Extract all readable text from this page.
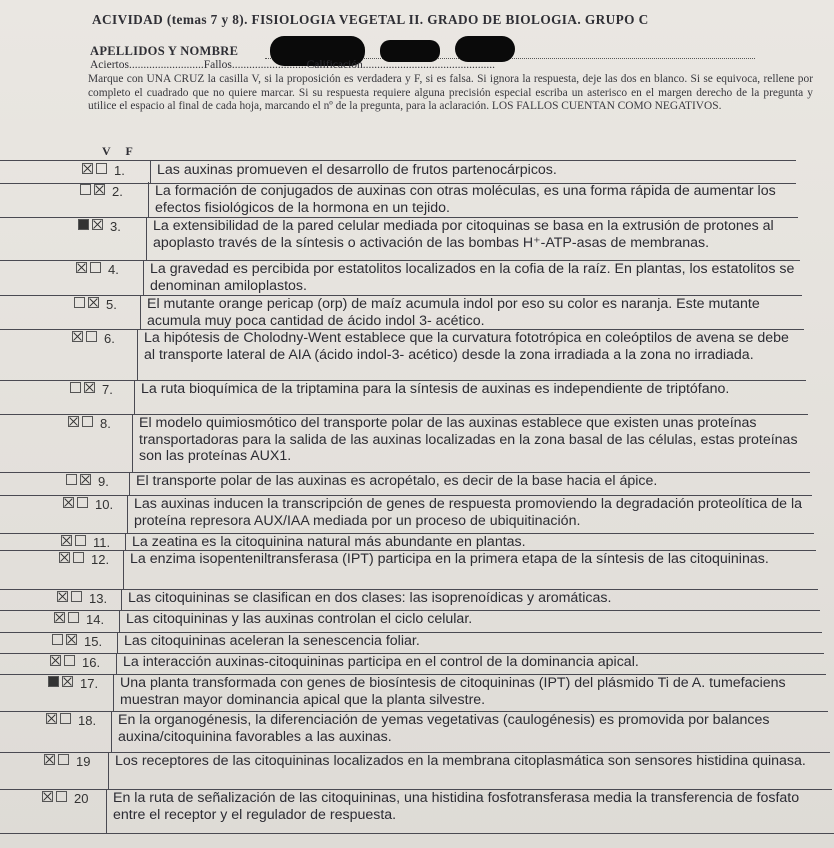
ACIVIDAD (temas 7 y 8). FISIOLOGIA VEGETAL II. GRADO DE BIOLOGIA. GRUPO C
APELLIDOS Y NOMBRE
Aciertos..........................Fallos..........................Calificación..............................................
Marque con UNA CRUZ la casilla V, si la proposición es verdadera y F, si es falsa. Si ignora la respuesta, deje las dos en blanco. Si se equivoca, rellene por completo el cuadrado que no quiere marcar. Si su respuesta requiere alguna precisión especial escriba un asterisco en el margen derecho de la pregunta y utilice el espacio al final de cada hoja, marcando el nº de la pregunta, para la aclaración. LOS FALLOS CUENTAN COMO NEGATIVOS.
V F
1. Las auxinas promueven el desarrollo de frutos partenocárpicos.
2. La formación de conjugados de auxinas con otras moléculas, es una forma rápida de aumentar los efectos fisiológicos de la hormona en un tejido.
3. La extensibilidad de la pared celular mediada por citoquinas se basa en la extrusión de protones al apoplasto través de la síntesis o activación de las bombas H⁺-ATP-asas de membranas.
4. La gravedad es percibida por estatolitos localizados en la cofia de la raíz. En plantas, los estatolitos se denominan amiloplastos.
5. El mutante orange pericap (orp) de maíz acumula indol por eso su color es naranja. Este mutante acumula muy poca cantidad de ácido indol 3- acético.
6. La hipótesis de Cholodny-Went establece que la curvatura fototrópica en coleóptilos de avena se debe al transporte lateral de AIA (ácido indol-3- acético) desde la zona irradiada a la zona no irradiada.
7. La ruta bioquímica de la triptamina para la síntesis de auxinas es independiente de triptófano.
8. El modelo quimiosmótico del transporte polar de las auxinas establece que existen unas proteínas transportadoras para la salida de las auxinas localizadas en la zona basal de las células, estas proteínas son las proteínas AUX1.
9. El transporte polar de las auxinas es acropétalo, es decir de la base hacia el ápice.
10. Las auxinas inducen la transcripción de genes de respuesta promoviendo la degradación proteolítica de la proteína represora AUX/IAA mediada por un proceso de ubiquitinación.
11. La zeatina es la citoquinina natural más abundante en plantas.
12. La enzima isopenteniltransferasa (IPT) participa en la primera etapa de la síntesis de las citoquininas.
13. Las citoquininas se clasifican en dos clases: las isoprenoídicas y aromáticas.
14. Las citoquininas y las auxinas controlan el ciclo celular.
15. Las citoquininas aceleran la senescencia foliar.
16. La interacción auxinas-citoquininas participa en el control de la dominancia apical.
17. Una planta transformada con genes de biosíntesis de citoquininas (IPT) del plásmido Ti de A. tumefaciens muestran mayor dominancia apical que la planta silvestre.
18. En la organogénesis, la diferenciación de yemas vegetativas (caulogénesis) es promovida por balances auxina/citoquinina favorables a las auxinas.
19 Los receptores de las citoquininas localizados en la membrana citoplasmática son sensores histidina quinasa.
20 En la ruta de señalización de las citoquininas, una histidina fosfotransferasa media la transferencia de fosfato entre el receptor y el regulador de respuesta.
